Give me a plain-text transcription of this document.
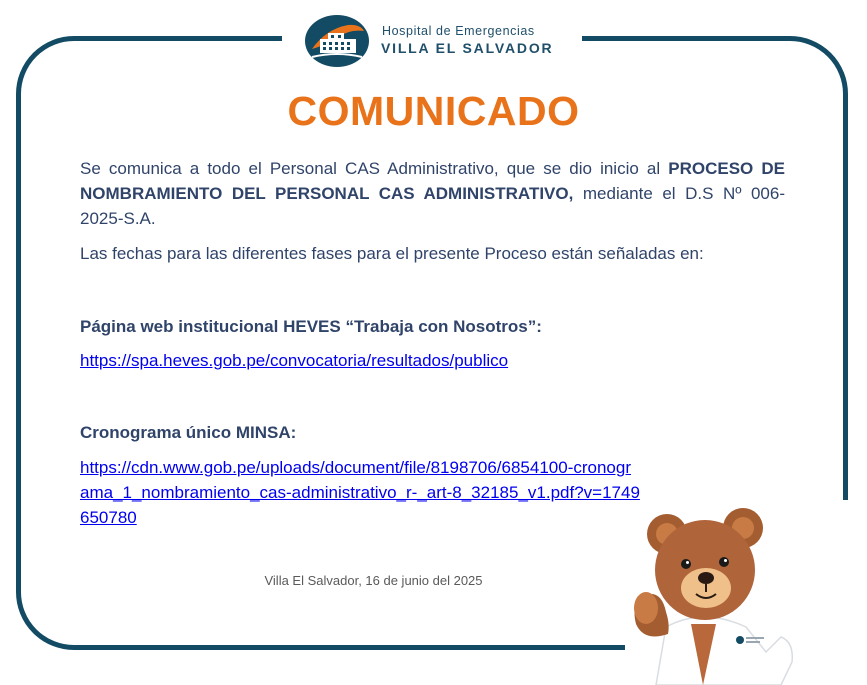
Hospital de Emergencias
VILLA EL SALVADOR
COMUNICADO
Se comunica a todo el Personal CAS Administrativo, que se dio inicio al PROCESO DE NOMBRAMIENTO DEL PERSONAL CAS ADMINISTRATIVO, mediante el D.S Nº 006-2025-S.A.
Las fechas para las diferentes fases para el presente Proceso están señaladas en:
Página web institucional HEVES “Trabaja con Nosotros”:
https://spa.heves.gob.pe/convocatoria/resultados/publico
Cronograma único MINSA:
https://cdn.www.gob.pe/uploads/document/file/8198706/6854100-cronograma_1_nombramiento_cas-administrativo_r-_art-8_32185_v1.pdf?v=1749650780
Villa El Salvador, 16 de junio del 2025
